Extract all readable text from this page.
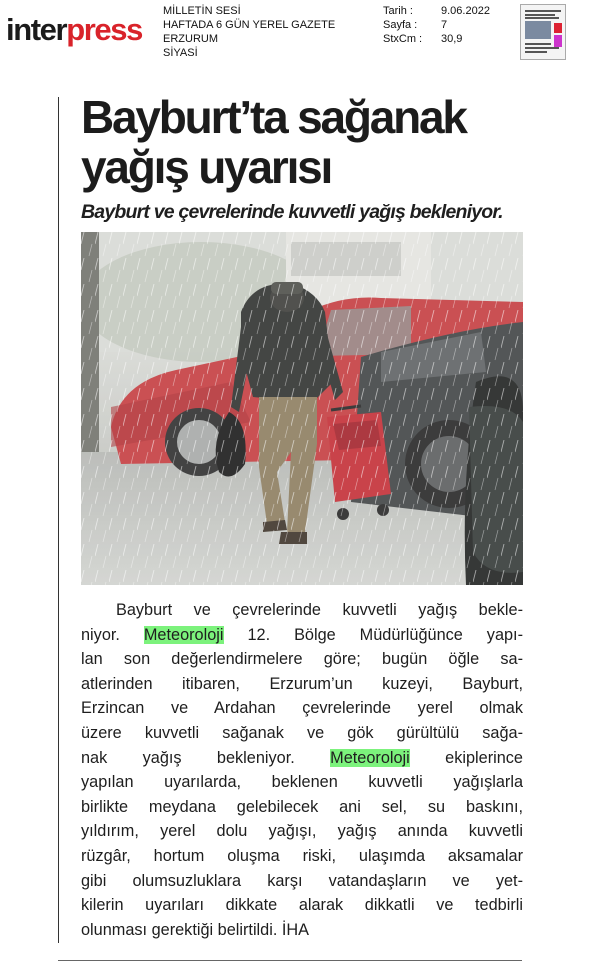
interpress
MİLLETİN SESİ
HAFTADA 6 GÜN YEREL GAZETE
ERZURUM
SİYASİ
Tarih :	9.06.2022
Sayfa :	7
StxCm :	30,9
Bayburt’ta sağanak
yağış uyarısı
Bayburt ve çevrelerinde kuvvetli yağış bekleniyor.
Bayburt ve çevrelerinde kuvvetli yağış bekle-
niyor. Meteoroloji 12. Bölge Müdürlüğünce yapı-
lan son değerlendirmelere göre; bugün öğle sa-
atlerinden itibaren, Erzurum’un kuzeyi, Bayburt,
Erzincan ve Ardahan çevrelerinde yerel olmak
üzere kuvvetli sağanak ve gök gürültülü sağa-
nak yağış bekleniyor. Meteoroloji ekiplerince
yapılan uyarılarda, beklenen kuvvetli yağışlarla
birlikte meydana gelebilecek ani sel, su baskını,
yıldırım, yerel dolu yağışı, yağış anında kuvvetli
rüzgâr, hortum oluşma riski, ulaşımda aksamalar
gibi olumsuzluklara karşı vatandaşların ve yet-
kilerin uyarıları dikkate alarak dikkatli ve tedbirli
olunması gerektiği belirtildi. İHA
